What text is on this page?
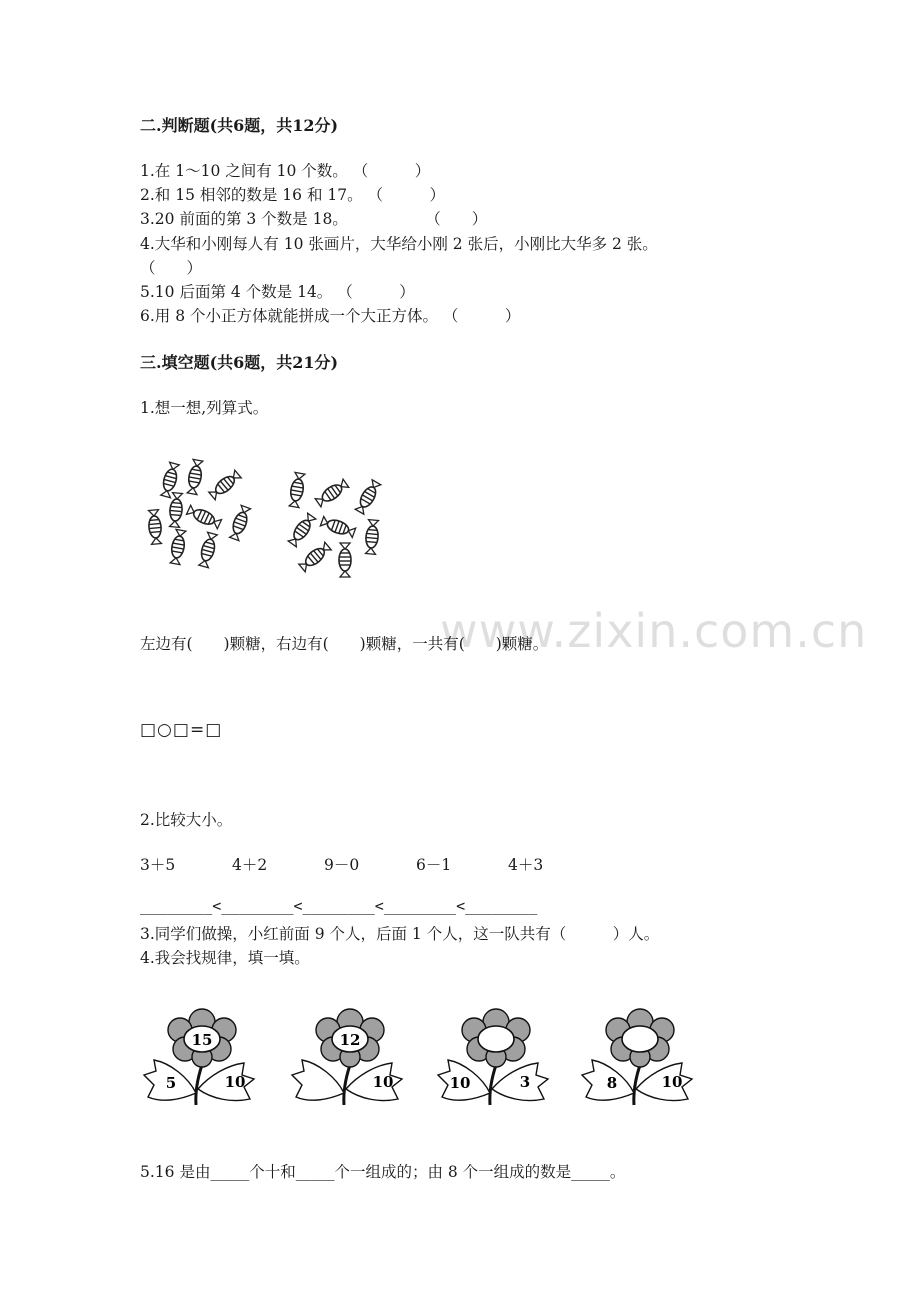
二.判断题(共6题，共12分)
1.在 1～10 之间有 10 个数。 （　　　）
2.和 15 相邻的数是 16 和 17。 （　　　）
3.20 前面的第 3 个数是 18。　　　　　　（　　）
4.大华和小刚每人有 10 张画片，大华给小刚 2 张后，小刚比大华多 2 张。
（　　）
5.10 后面第 4 个数是 14。 （　　　）
6.用 8 个小正方体就能拼成一个大正方体。 （　　　）
三.填空题(共6题，共21分)
1.想一想,列算式。
左边有(　　)颗糖，右边有(　　)颗糖，一共有(　　)颗糖。
□○□=□
2.比较大小。
3＋5	4＋2	9－0	6－1	4＋3
________<________<________<________<________
3.同学们做操，小红前面 9 个人，后面 1 个人，这一队共有（　　　）人。
4.我会找规律，填一填。
15
5	10
12
10	10	3	8	10
5.16 是由_____个十和_____个一组成的；由 8 个一组成的数是_____。
www.zixin.com.cn
